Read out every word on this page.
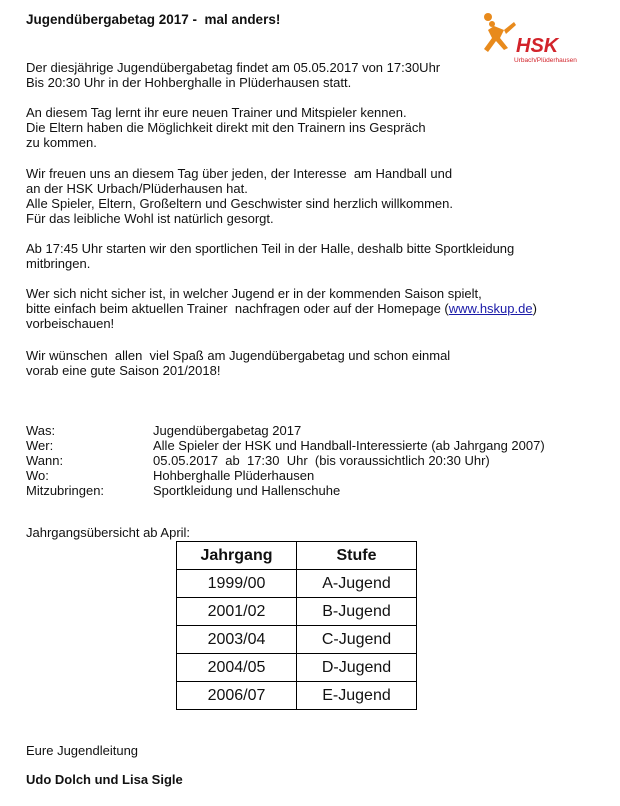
Jugendübergabetag 2017 -  mal anders!
HSK
Urbach/Plüderhausen
Der diesjährige Jugendübergabetag findet am 05.05.2017 von 17:30Uhr
Bis 20:30 Uhr in der Hohberghalle in Plüderhausen statt.
An diesem Tag lernt ihr eure neuen Trainer und Mitspieler kennen.
Die Eltern haben die Möglichkeit direkt mit den Trainern ins Gespräch
zu kommen.
Wir freuen uns an diesem Tag über jeden, der Interesse  am Handball und
an der HSK Urbach/Plüderhausen hat.
Alle Spieler, Eltern, Großeltern und Geschwister sind herzlich willkommen.
Für das leibliche Wohl ist natürlich gesorgt.
Ab 17:45 Uhr starten wir den sportlichen Teil in der Halle, deshalb bitte Sportkleidung
mitbringen.
Wer sich nicht sicher ist, in welcher Jugend er in der kommenden Saison spielt,
bitte einfach beim aktuellen Trainer  nachfragen oder auf der Homepage (www.hskup.de)
vorbeischauen!
Wir wünschen  allen  viel Spaß am Jugendübergabetag und schon einmal
vorab eine gute Saison 201/2018!
Was:	Jugendübergabetag 2017
Wer:	Alle Spieler der HSK und Handball-Interessierte (ab Jahrgang 2007)
Wann:	05.05.2017  ab  17:30  Uhr  (bis voraussichtlich 20:30 Uhr)
Wo:	Hohberghalle Plüderhausen
Mitzubringen:	Sportkleidung und Hallenschuhe
Jahrgangsübersicht ab April:
Jahrgang	Stufe
1999/00	A-Jugend
2001/02	B-Jugend
2003/04	C-Jugend
2004/05	D-Jugend
2006/07	E-Jugend
Eure Jugendleitung
Udo Dolch und Lisa Sigle
